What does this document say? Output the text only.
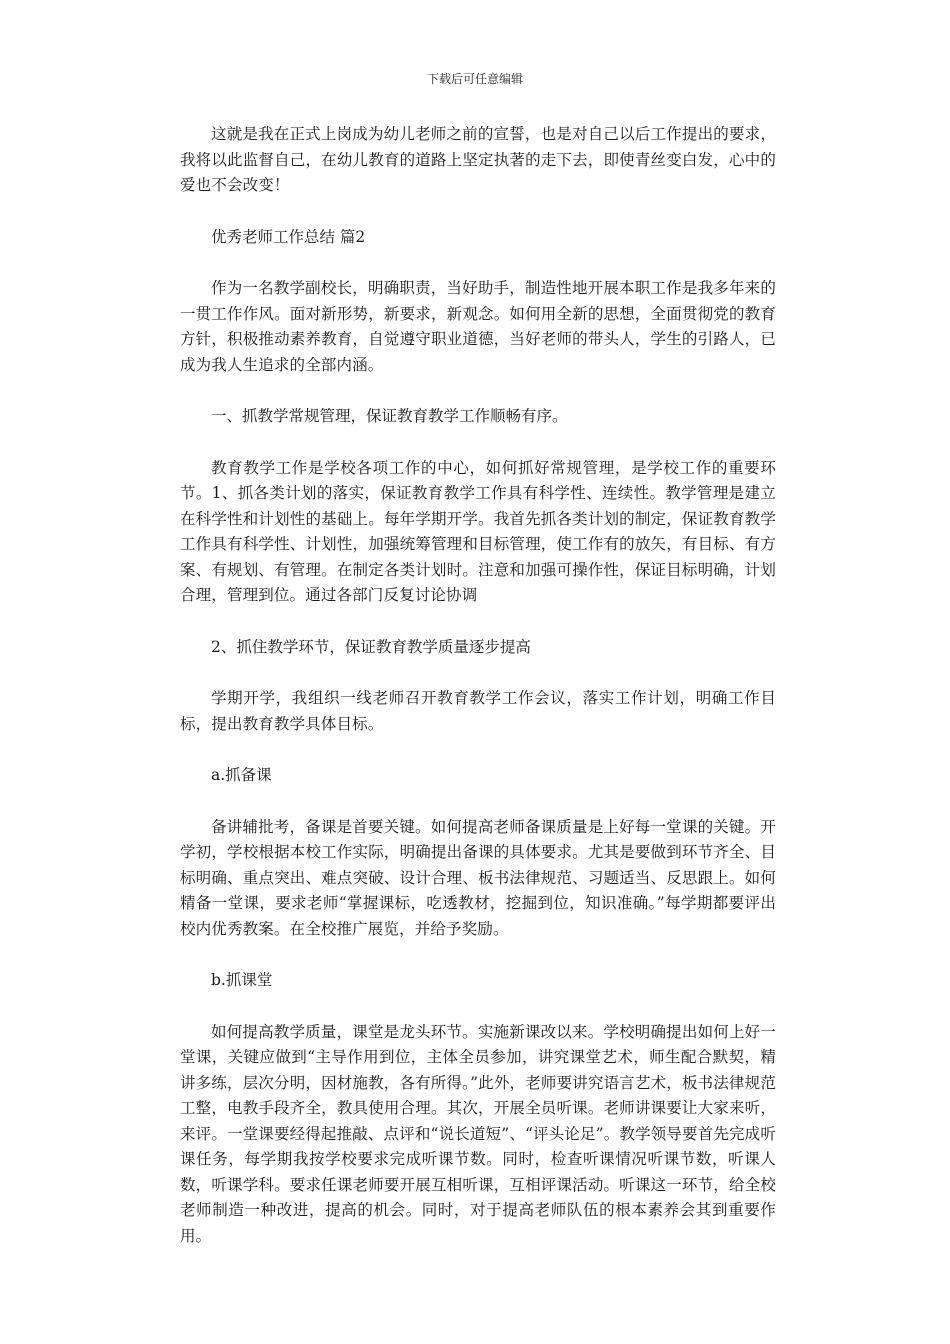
下载后可任意编辑

这就是我在正式上岗成为幼儿老师之前的宣誓，也是对自己以后工作提出的要求，我将以此监督自己，在幼儿教育的道路上坚定执著的走下去，即使青丝变白发，心中的爱也不会改变！

优秀老师工作总结 篇2

作为一名教学副校长，明确职责，当好助手，制造性地开展本职工作是我多年来的一贯工作作风。面对新形势，新要求，新观念。如何用全新的思想，全面贯彻党的教育方针，积极推动素养教育，自觉遵守职业道德，当好老师的带头人，学生的引路人，已成为我人生追求的全部内涵。

一、抓教学常规管理，保证教育教学工作顺畅有序。

教育教学工作是学校各项工作的中心，如何抓好常规管理，是学校工作的重要环节。1、抓各类计划的落实，保证教育教学工作具有科学性、连续性。教学管理是建立在科学性和计划性的基础上。每年学期开学。我首先抓各类计划的制定，保证教育教学工作具有科学性、计划性，加强统筹管理和目标管理，使工作有的放矢，有目标、有方案、有规划、有管理。在制定各类计划时。注意和加强可操作性，保证目标明确，计划合理，管理到位。通过各部门反复讨论协调

2、抓住教学环节，保证教育教学质量逐步提高

学期开学，我组织一线老师召开教育教学工作会议，落实工作计划，明确工作目标，提出教育教学具体目标。

a.抓备课

备讲辅批考，备课是首要关键。如何提高老师备课质量是上好每一堂课的关键。开学初，学校根据本校工作实际，明确提出备课的具体要求。尤其是要做到环节齐全、目标明确、重点突出、难点突破、设计合理、板书法律规范、习题适当、反思跟上。如何精备一堂课，要求老师“掌握课标，吃透教材，挖掘到位，知识准确。”每学期都要评出校内优秀教案。在全校推广展览，并给予奖励。

b.抓课堂

如何提高教学质量，课堂是龙头环节。实施新课改以来。学校明确提出如何上好一堂课，关键应做到“主导作用到位，主体全员参加，讲究课堂艺术，师生配合默契，精讲多练，层次分明，因材施教，各有所得。”此外，老师要讲究语言艺术，板书法律规范工整，电教手段齐全，教具使用合理。其次，开展全员听课。老师讲课要让大家来听，来评。一堂课要经得起推敲、点评和“说长道短”、“评头论足”。教学领导要首先完成听课任务，每学期我按学校要求完成听课节数。同时，检查听课情况听课节数，听课人数，听课学科。要求任课老师要开展互相听课，互相评课活动。听课这一环节，给全校老师制造一种改进，提高的机会。同时，对于提高老师队伍的根本素养会其到重要作用。
